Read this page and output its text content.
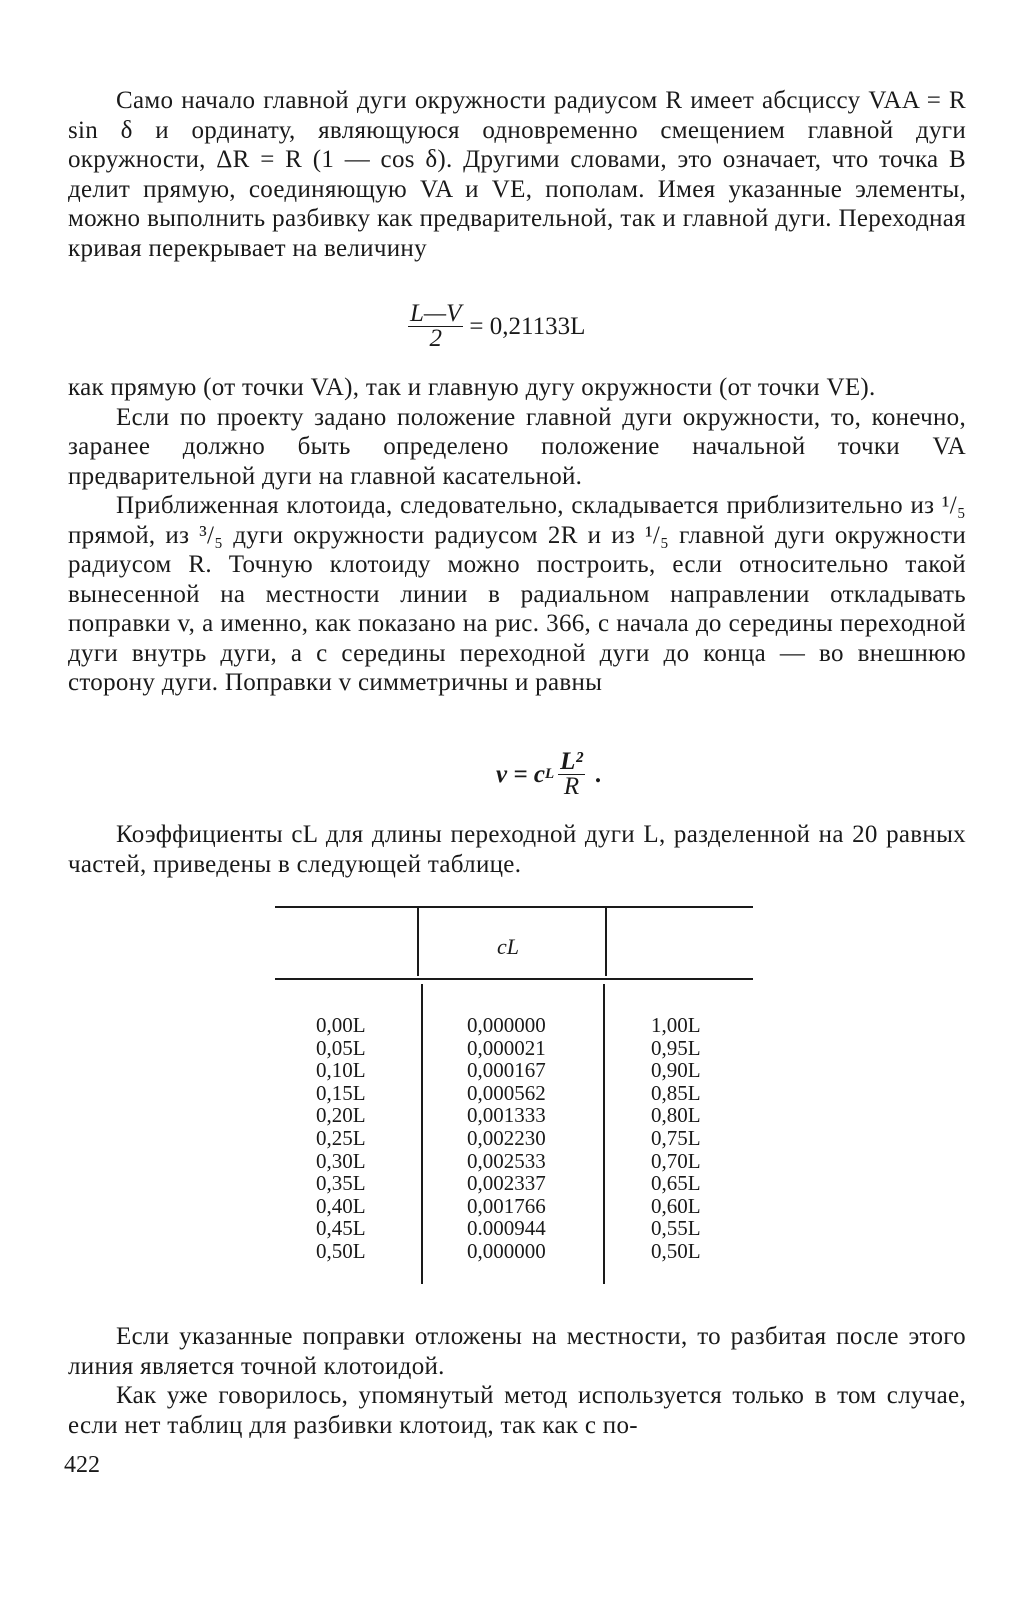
Само начало главной дуги окружности радиусом R имеет абсциссу VAA = R sin δ и ординату, являющуюся одновременно смещением главной дуги окружности, ΔR = R (1 — cos δ). Другими словами, это означает, что точка B делит прямую, соединяющую VA и VE, пополам. Имея указанные элементы, можно выполнить разбивку как предварительной, так и главной дуги. Переходная кривая перекрывает на величину

$\frac{L—V}{2} = 0,21133L$

как прямую (от точки VA), так и главную дугу окружности (от точки VE).

Если по проекту задано положение главной дуги окружности, то, конечно, заранее должно быть определено положение начальной точки VA предварительной дуги на главной касательной.

Приближенная клотоида, следовательно, складывается приблизительно из ¹/₅ прямой, из ³/₅ дуги окружности радиусом 2R и из ¹/₅ главной дуги окружности радиусом R. Точную клотоиду можно построить, если относительно такой вынесенной на местности линии в радиальном направлении откладывать поправки v, а именно, как показано на рис. 366, с начала до середины переходной дуги внутрь дуги, а с середины переходной дуги до конца — во внешнюю сторону дуги. Поправки v симметричны и равны

v = c L $\frac{\text{L²}}{R}$ .

Коэффициенты cL для длины переходной дуги L, разделенной на 20 равных частей, приведены в следующей таблице.

cL
0,00L
0,05L
0,10L
0,15L
0,20L
0,25L
0,30L
0,35L
0,40L
0,45L
0,50L
0,000000
0,000021
0,000167
0,000562
0,001333
0,002230
0,002533
0,002337
0,001766
0.000944
0,000000
1,00L
0,95L
0,90L
0,85L
0,80L
0,75L
0,70L
0,65L
0,60L
0,55L
0,50L

Если указанные поправки отложены на местности, то разбитая после этого линия является точной клотоидой.

Как уже говорилось, упомянутый метод используется только в том случае, если нет таблиц для разбивки клотоид, так как с по-

422
